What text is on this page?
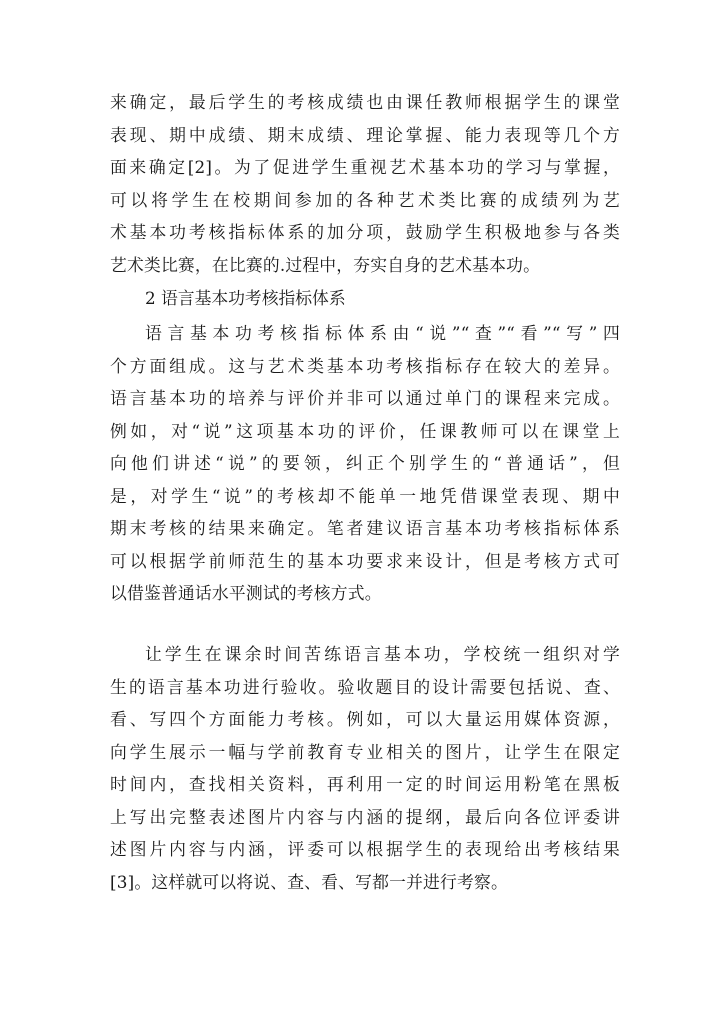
来确定，最后学生的考核成绩也由课任教师根据学生的课堂
表现、期中成绩、期末成绩、理论掌握、能力表现等几个方
面来确定[2]。为了促进学生重视艺术基本功的学习与掌握，
可以将学生在校期间参加的各种艺术类比赛的成绩列为艺
术基本功考核指标体系的加分项，鼓励学生积极地参与各类
艺术类比赛，在比赛的.过程中，夯实自身的艺术基本功。
2 语言基本功考核指标体系
语言基本功考核指标体系由“说”“查”“看”“写”四
个方面组成。这与艺术类基本功考核指标存在较大的差异。
语言基本功的培养与评价并非可以通过单门的课程来完成。
例如，对“说”这项基本功的评价，任课教师可以在课堂上
向他们讲述“说”的要领，纠正个别学生的“普通话”，但
是，对学生“说”的考核却不能单一地凭借课堂表现、期中
期末考核的结果来确定。笔者建议语言基本功考核指标体系
可以根据学前师范生的基本功要求来设计，但是考核方式可
以借鉴普通话水平测试的考核方式。
让学生在课余时间苦练语言基本功，学校统一组织对学
生的语言基本功进行验收。验收题目的设计需要包括说、查、
看、写四个方面能力考核。例如，可以大量运用媒体资源，
向学生展示一幅与学前教育专业相关的图片，让学生在限定
时间内，查找相关资料，再利用一定的时间运用粉笔在黑板
上写出完整表述图片内容与内涵的提纲，最后向各位评委讲
述图片内容与内涵，评委可以根据学生的表现给出考核结果
[3]。这样就可以将说、查、看、写都一并进行考察。
